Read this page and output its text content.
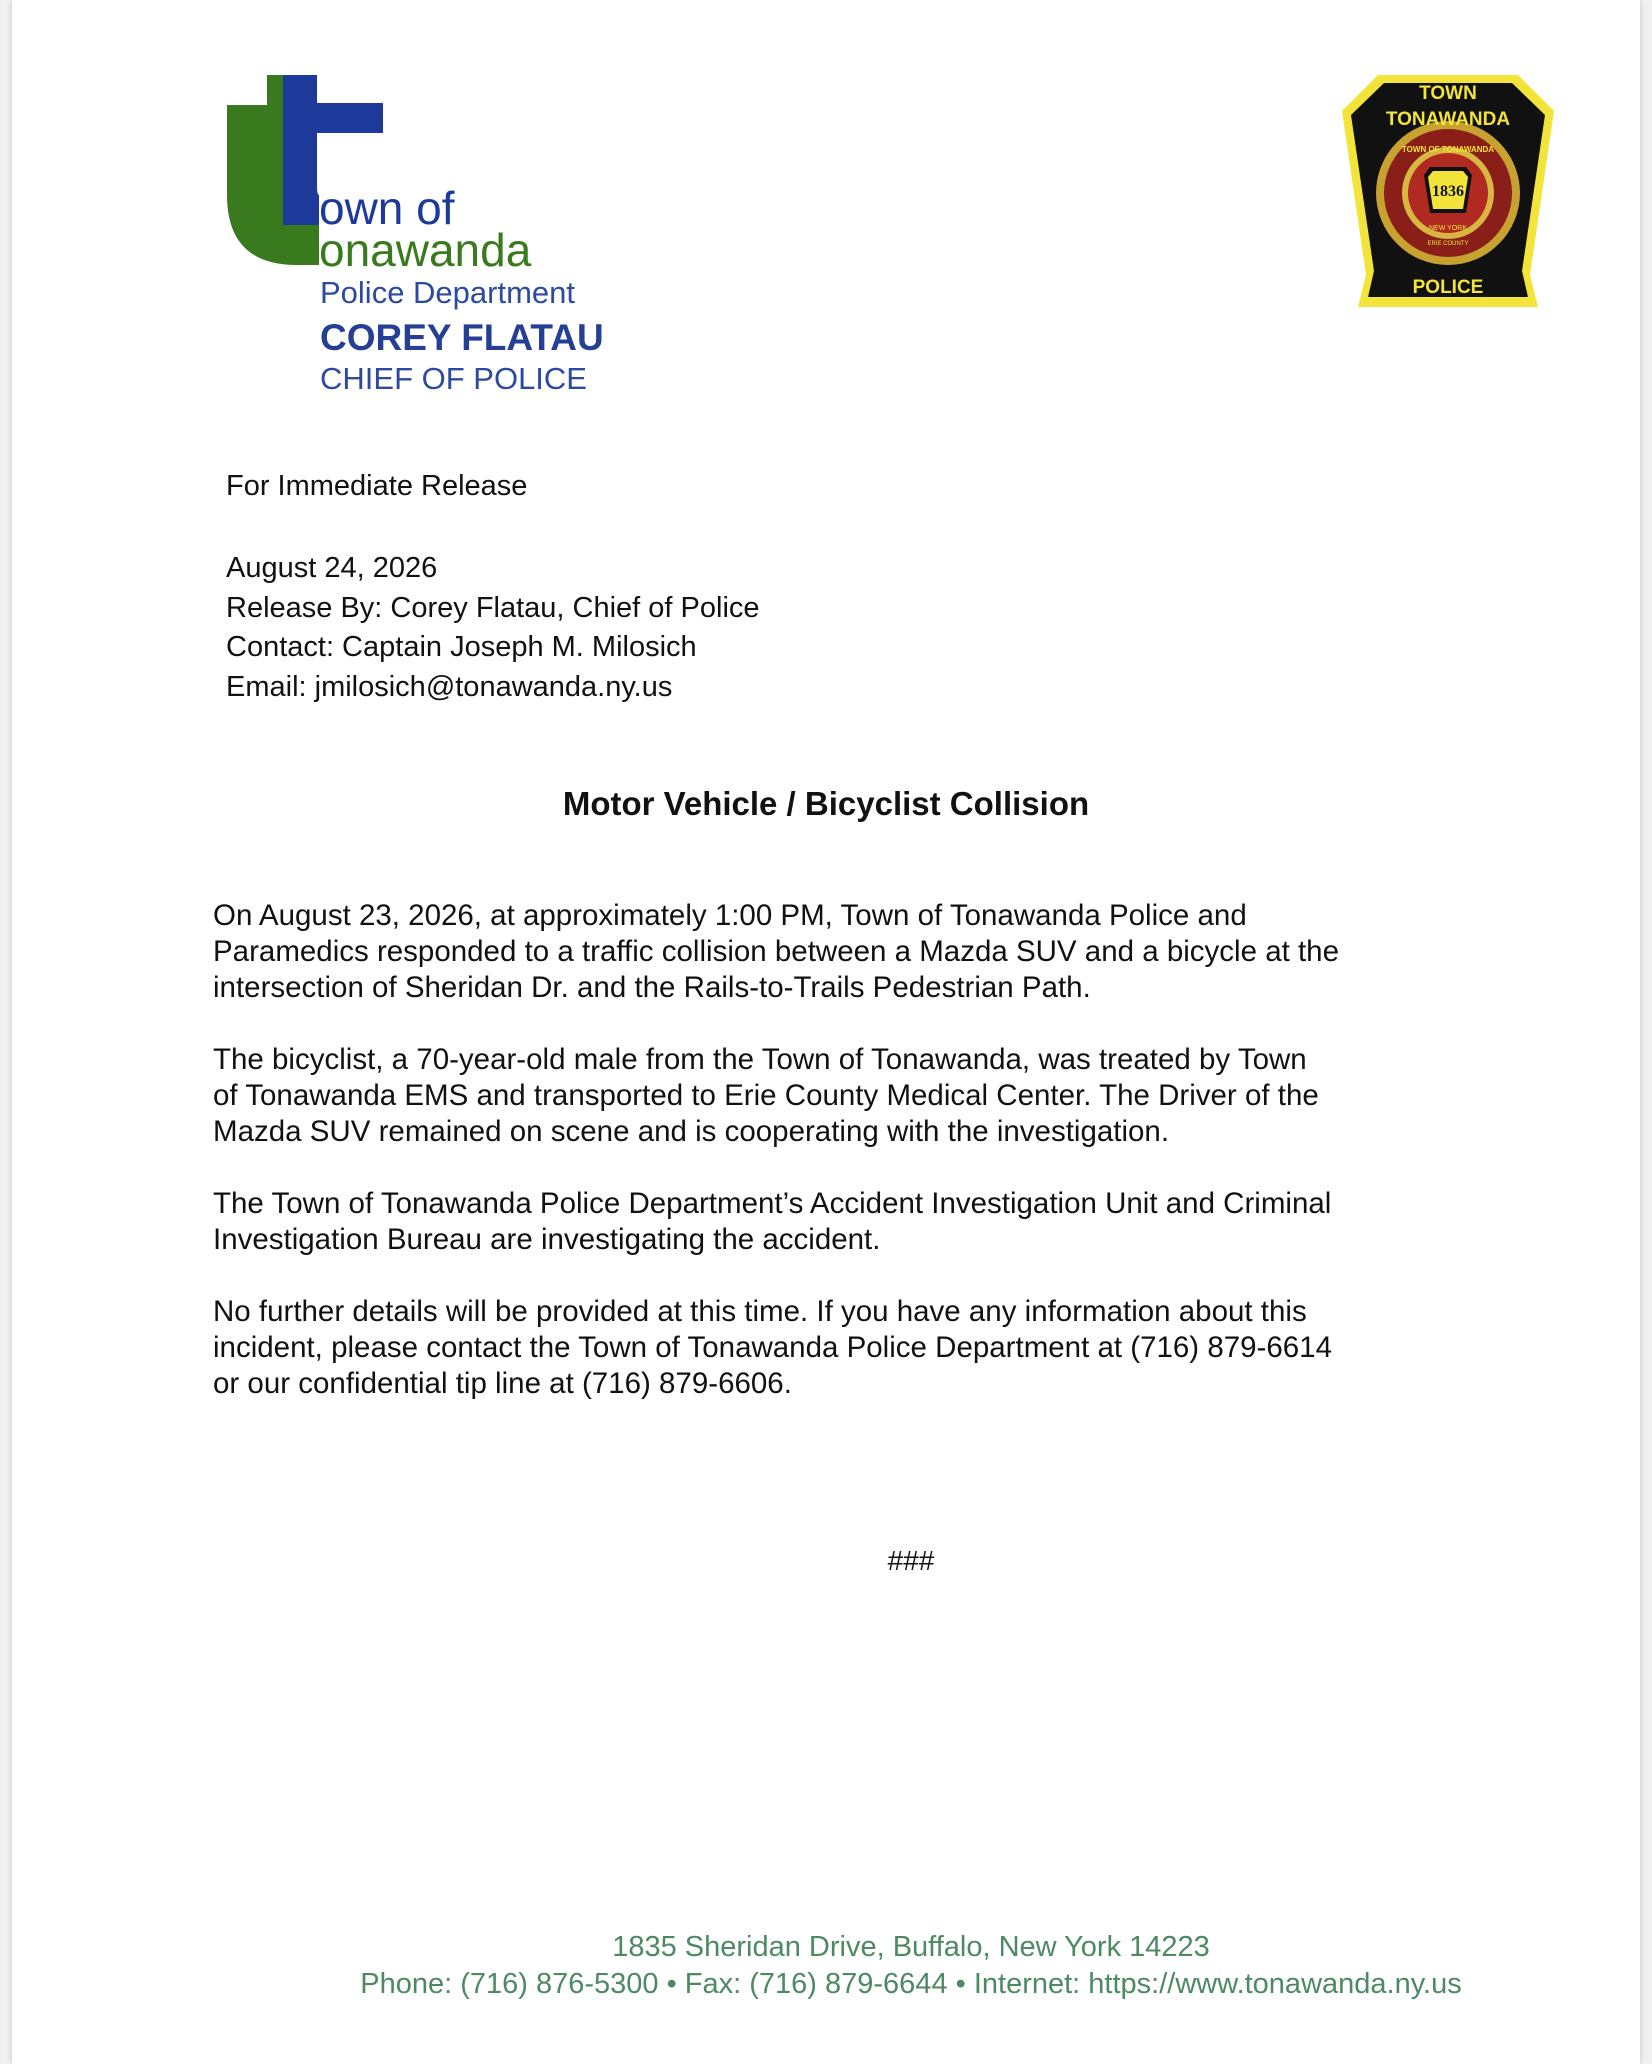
own of
onawanda
Police Department
COREY FLATAU
CHIEF OF POLICE
1836
TOWN
TONAWANDA
TOWN OF TONAWANDA
NEW YORK
ERIE COUNTY
POLICE
For Immediate Release
August 24, 2026
Release By: Corey Flatau, Chief of Police
Contact: Captain Joseph M. Milosich
Email: jmilosich@tonawanda.ny.us
Motor Vehicle / Bicyclist Collision

On August 23, 2026, at approximately 1:00 PM, Town of Tonawanda Police and
Paramedics responded to a traffic collision between a Mazda SUV and a bicycle at the
intersection of Sheridan Dr. and the Rails-to-Trails Pedestrian Path.

The bicyclist, a 70-year-old male from the Town of Tonawanda, was treated by Town
of Tonawanda EMS and transported to Erie County Medical Center. The Driver of the
Mazda SUV remained on scene and is cooperating with the investigation.

The Town of Tonawanda Police Department’s Accident Investigation Unit and Criminal
Investigation Bureau are investigating the accident.

No further details will be provided at this time. If you have any information about this
incident, please contact the Town of Tonawanda Police Department at (716) 879-6614
or our confidential tip line at (716) 879-6606.

###
1835 Sheridan Drive, Buffalo, New York 14223
Phone: (716) 876-5300 • Fax: (716) 879-6644 • Internet: https://www.tonawanda.ny.us
